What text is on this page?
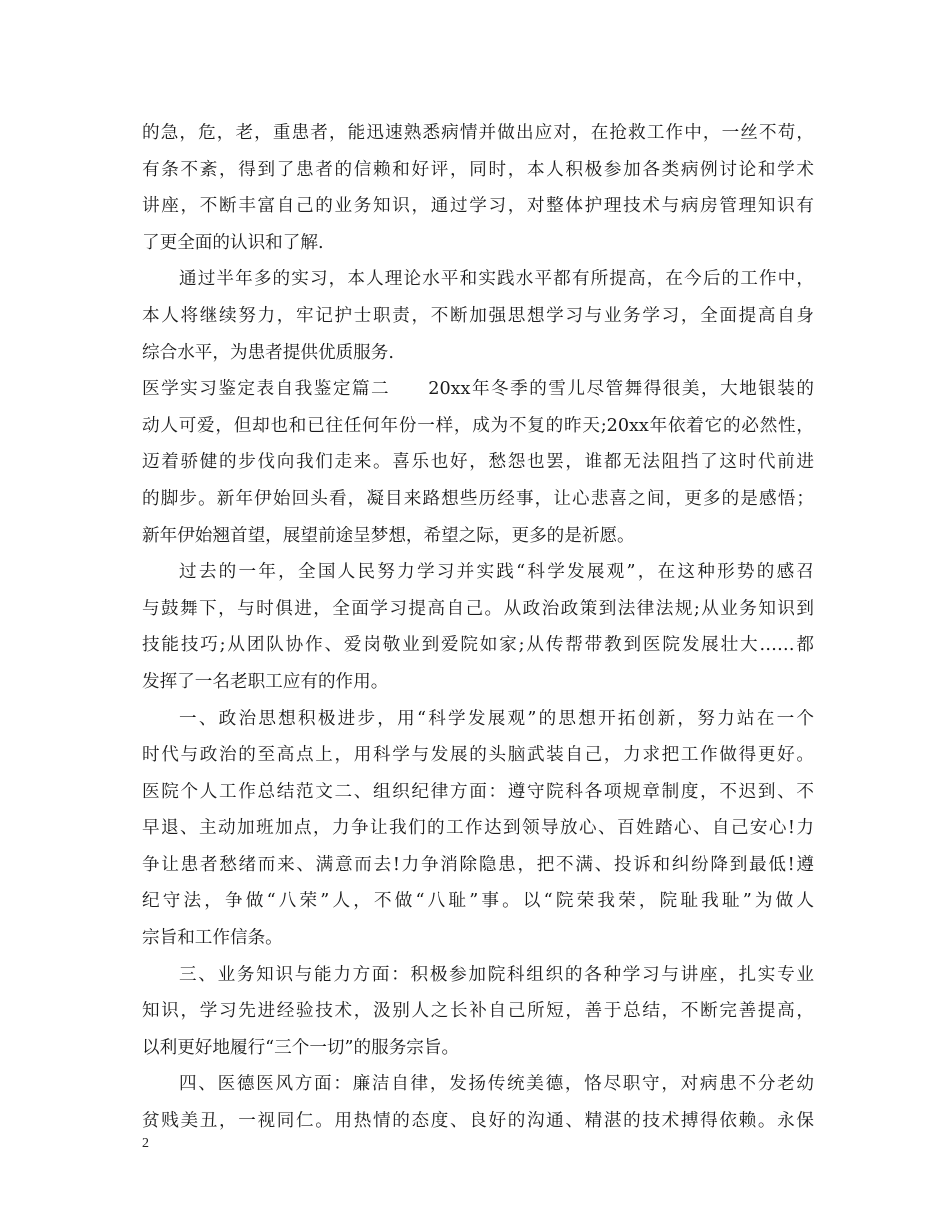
的急，危，老，重患者，能迅速熟悉病情并做出应对，在抢救工作中，一丝不苟，
有条不紊，得到了患者的信赖和好评，同时，本人积极参加各类病例讨论和学术
讲座，不断丰富自己的业务知识，通过学习，对整体护理技术与病房管理知识有
了更全面的认识和了解.
通过半年多的实习，本人理论水平和实践水平都有所提高，在今后的工作中，
本人将继续努力，牢记护士职责，不断加强思想学习与业务学习，全面提高自身
综合水平，为患者提供优质服务.
医学实习鉴定表自我鉴定篇二　　20xx年冬季的雪儿尽管舞得很美，大地银装的
动人可爱，但却也和已往任何年份一样，成为不复的昨天;20xx年依着它的必然性，
迈着骄健的步伐向我们走来。喜乐也好，愁怨也罢，谁都无法阻挡了这时代前进
的脚步。新年伊始回头看，凝目来路想些历经事，让心悲喜之间，更多的是感悟；
新年伊始翘首望，展望前途呈梦想，希望之际，更多的是祈愿。
过去的一年，全国人民努力学习并实践“科学发展观”，在这种形势的感召
与鼓舞下，与时俱进，全面学习提高自己。从政治政策到法律法规;从业务知识到
技能技巧;从团队协作、爱岗敬业到爱院如家;从传帮带教到医院发展壮大……都
发挥了一名老职工应有的作用。
一、政治思想积极进步，用“科学发展观”的思想开拓创新，努力站在一个
时代与政治的至高点上，用科学与发展的头脑武装自己，力求把工作做得更好。
医院个人工作总结范文二、组织纪律方面：遵守院科各项规章制度，不迟到、不
早退、主动加班加点，力争让我们的工作达到领导放心、百姓踏心、自己安心!力
争让患者愁绪而来、满意而去!力争消除隐患，把不满、投诉和纠纷降到最低!遵
纪守法，争做“八荣”人，不做“八耻”事。以“院荣我荣，院耻我耻”为做人
宗旨和工作信条。
三、业务知识与能力方面：积极参加院科组织的各种学习与讲座，扎实专业
知识，学习先进经验技术，汲别人之长补自己所短，善于总结，不断完善提高，
以利更好地履行“三个一切”的服务宗旨。
四、医德医风方面：廉洁自律，发扬传统美德，恪尽职守，对病患不分老幼
贫贱美丑，一视同仁。用热情的态度、良好的沟通、精湛的技术搏得依赖。永保
2
